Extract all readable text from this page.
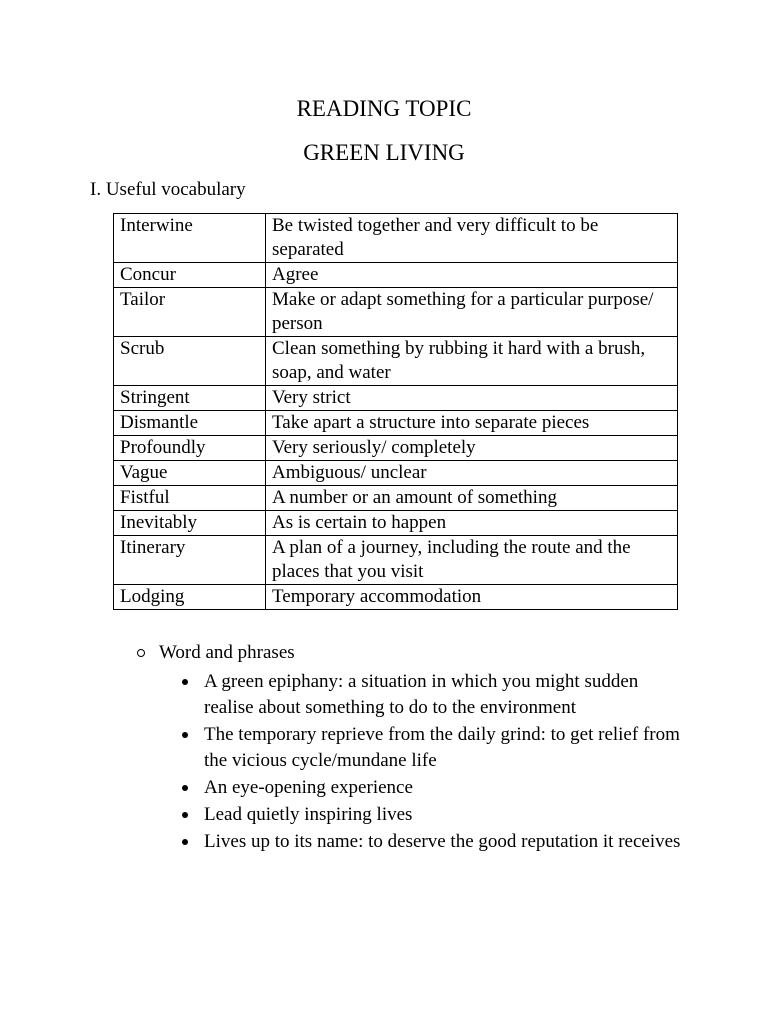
READING TOPIC
GREEN LIVING

I. Useful vocabulary

Interwine	Be twisted together and very difficult to be separated
Concur	Agree
Tailor	Make or adapt something for a particular purpose/ person
Scrub	Clean something by rubbing it hard with a brush, soap, and water
Stringent	Very strict
Dismantle	Take apart a structure into separate pieces
Profoundly	Very seriously/ completely
Vague	Ambiguous/ unclear
Fistful	A number or an amount of something
Inevitably	As is certain to happen
Itinerary	A plan of a journey, including the route and the places that you visit
Lodging	Temporary accommodation
Word and phrases
A green epiphany: a situation in which you might sudden realise about something to do to the environment
The temporary reprieve from the daily grind: to get relief from the vicious cycle/mundane life
An eye-opening experience
Lead quietly inspiring lives
Lives up to its name: to deserve the good reputation it receives
